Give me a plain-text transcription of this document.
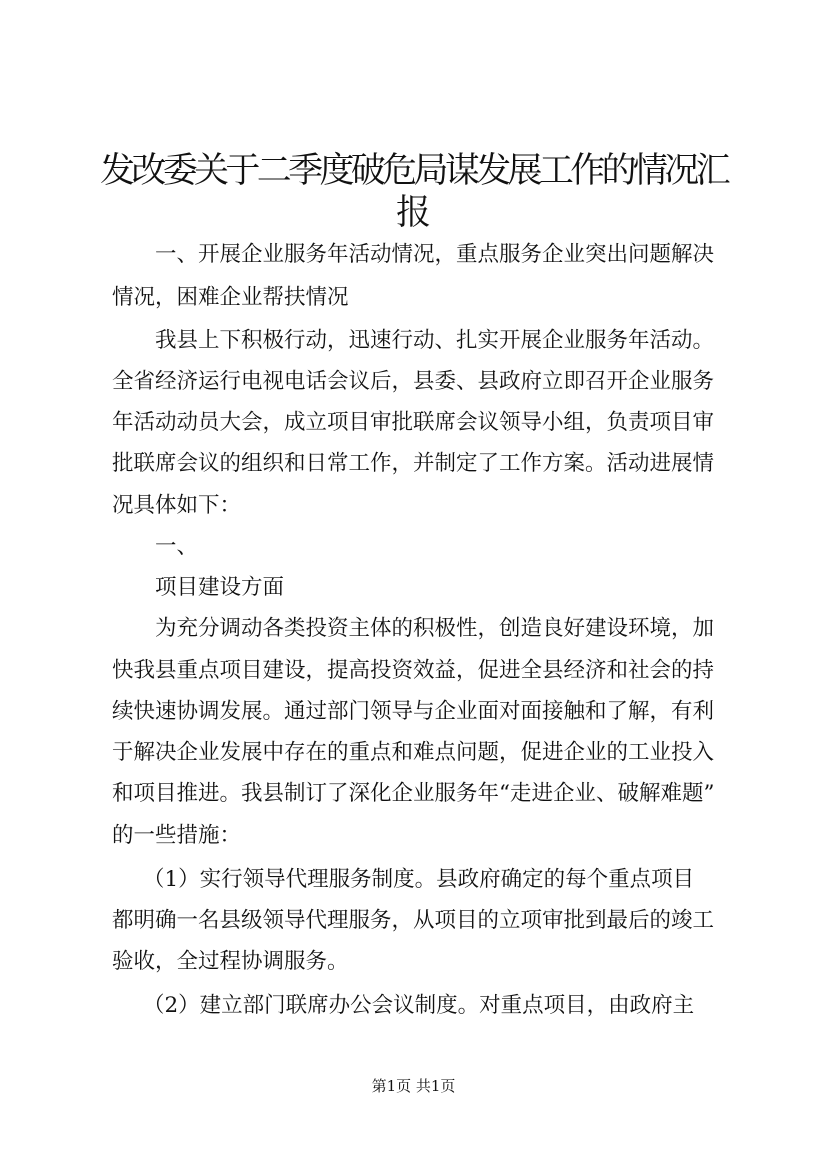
发改委关于二季度破危局谋发展工作的情况汇
报

一、开展企业服务年活动情况，重点服务企业突出问题解决

情况，困难企业帮扶情况

我县上下积极行动，迅速行动、扎实开展企业服务年活动。

全省经济运行电视电话会议后，县委、县政府立即召开企业服务

年活动动员大会，成立项目审批联席会议领导小组，负责项目审

批联席会议的组织和日常工作，并制定了工作方案。活动进展情

况具体如下：

一、

项目建设方面

为充分调动各类投资主体的积极性，创造良好建设环境，加

快我县重点项目建设，提高投资效益，促进全县经济和社会的持

续快速协调发展。通过部门领导与企业面对面接触和了解，有利

于解决企业发展中存在的重点和难点问题，促进企业的工业投入

和项目推进。我县制订了深化企业服务年“走进企业、破解难题”

的一些措施：

（1）实行领导代理服务制度。县政府确定的每个重点项目

都明确一名县级领导代理服务，从项目的立项审批到最后的竣工

验收，全过程协调服务。

（2）建立部门联席办公会议制度。对重点项目，由政府主

第1页 共1页
